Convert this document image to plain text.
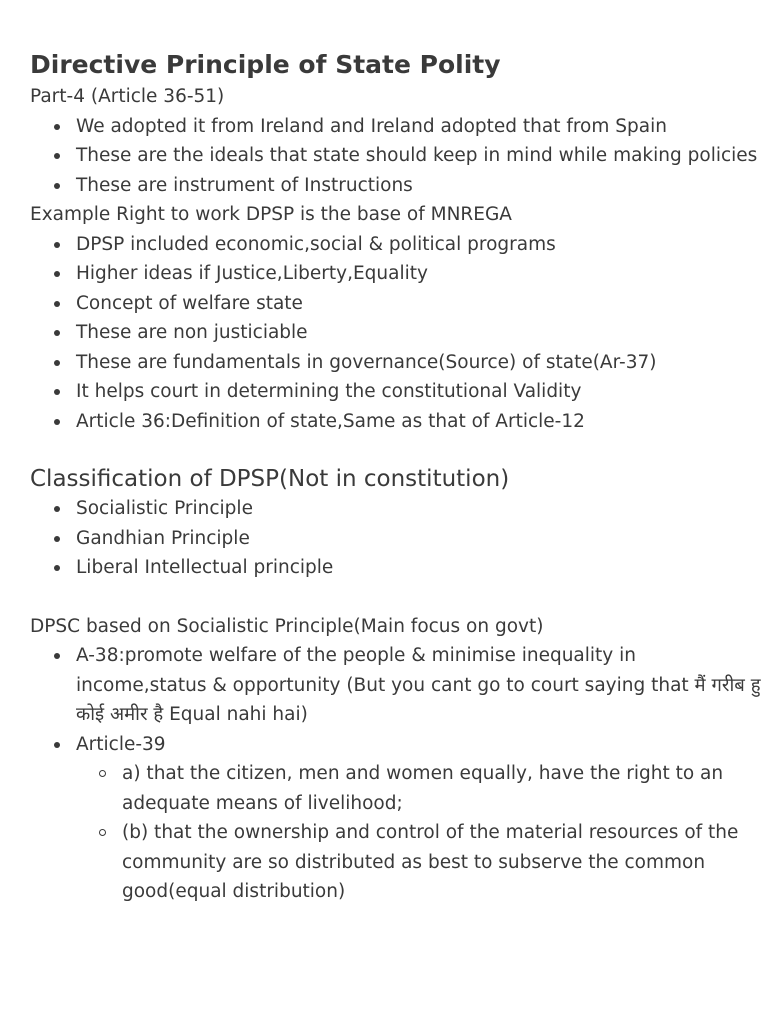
Directive Principle of State Polity

Part-4 (Article 36-51)

We adopted it from Ireland and Ireland adopted that from Spain
These are the ideals that state should keep in mind while making policies
These are instrument of Instructions

Example Right to work DPSP is the base of MNREGA

DPSP included economic,social & political programs
Higher ideas if Justice,Liberty,Equality
Concept of welfare state
These are non justiciable
These are fundamentals in governance(Source) of state(Ar-37)
It helps court in determining the constitutional Validity
Article 36:Definition of state,Same as that of Article-12
Classification of DPSP(Not in constitution)
Socialistic Principle
Gandhian Principle
Liberal Intellectual principle

DPSC based on Socialistic Principle(Main focus on govt)

A-38:promote welfare of the people & minimise inequality in income,status & opportunity (But you cant go to court saying that मैं गरीब हु कोई अमीर है Equal nahi hai)
Article-39
a) that the citizen, men and women equally, have the right to an adequate means of livelihood;
(b) that the ownership and control of the material resources of the community are so distributed as best to subserve the common good(equal distribution)
